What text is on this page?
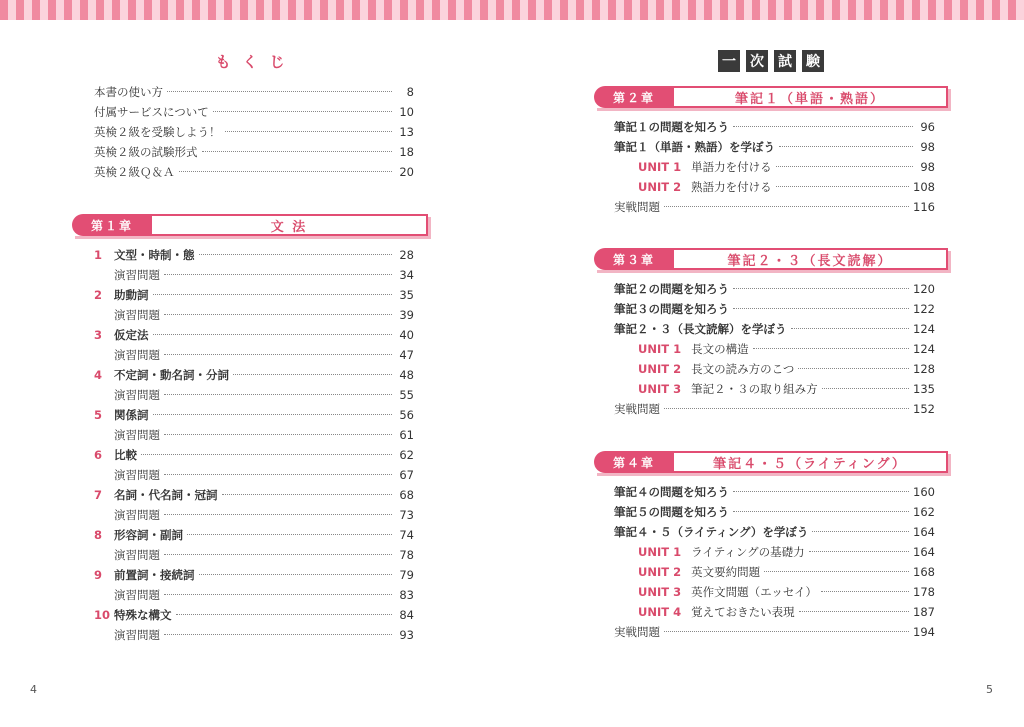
もくじ
本書の使い方	8
付属サービスについて	10
英検２級を受験しよう！	13
英検２級の試験形式	18
英検２級Ｑ＆Ａ	20
第１章	文 法
1	文型・時制・態	28
演習問題	34
2	助動詞	35
演習問題	39
3	仮定法	40
演習問題	47
4	不定詞・動名詞・分詞	48
演習問題	55
5	関係詞	56
演習問題	61
6	比較	62
演習問題	67
7	名詞・代名詞・冠詞	68
演習問題	73
8	形容詞・副詞	74
演習問題	78
9	前置詞・接続詞	79
演習問題	83
10 特殊な構文	84
演習問題	93
4
一 次 試 験
第２章	筆記１（単語・熟語）
筆記１の問題を知ろう	96
筆記１（単語・熟語）を学ぼう	98
UNIT 1 単語力を付ける	98
UNIT 2 熟語力を付ける	108
実戦問題	116
第３章	筆記２・３（長文読解）
筆記２の問題を知ろう	120
筆記３の問題を知ろう	122
筆記２・３（長文読解）を学ぼう	124
UNIT 1 長文の構造	124
UNIT 2 長文の読み方のこつ	128
UNIT 3 筆記２・３の取り組み方	135
実戦問題	152
第４章	筆記４・５（ライティング）
筆記４の問題を知ろう	160
筆記５の問題を知ろう	162
筆記４・５（ライティング）を学ぼう	164
UNIT 1 ライティングの基礎力	164
UNIT 2 英文要約問題	168
UNIT 3 英作文問題（エッセイ）	178
UNIT 4 覚えておきたい表現	187
実戦問題	194
5
